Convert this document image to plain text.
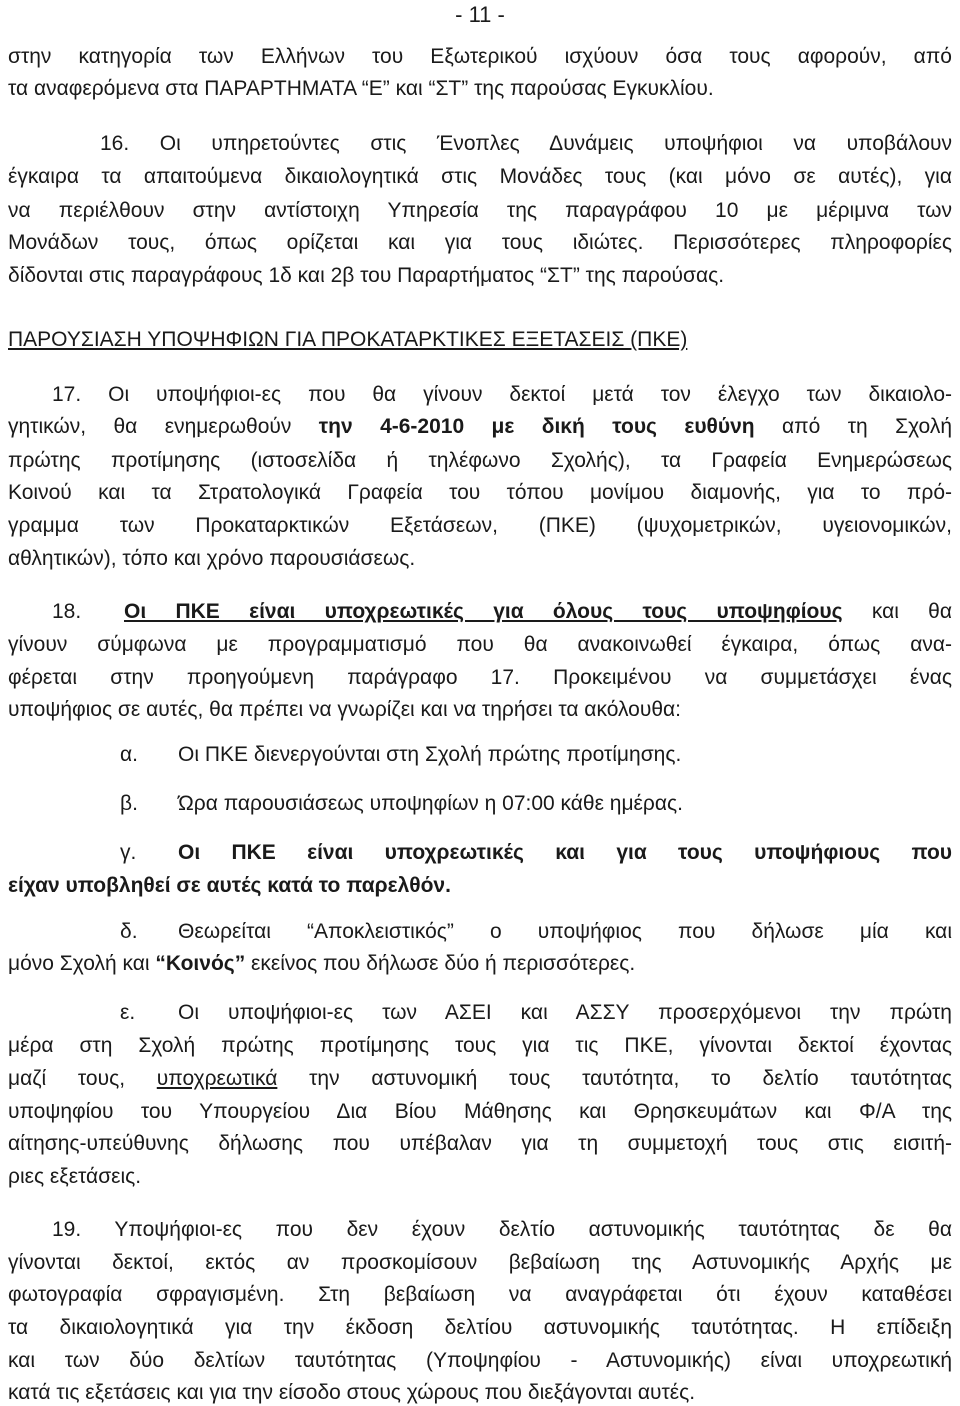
- 11 -
στην κατηγορία των Ελλήνων του Εξωτερικού ισχύουν όσα τους αφορούν, από
τα αναφερόμενα στα ΠΑΡΑΡΤΗΜΑΤΑ “Ε” και “ΣΤ” της παρούσας Εγκυκλίου.
16. Οι υπηρετούντες στις Ένοπλες Δυνάμεις υποψήφιοι να υποβάλουν
έγκαιρα τα απαιτούμενα δικαιολογητικά στις Μονάδες τους (και μόνο σε αυτές), για
να περιέλθουν στην αντίστοιχη Υπηρεσία της παραγράφου 10 με μέριμνα των
Μονάδων τους, όπως ορίζεται και για τους ιδιώτες. Περισσότερες πληροφορίες
δίδονται στις παραγράφους 1δ και 2β του Παραρτήματος “ΣΤ” της παρούσας.
ΠΑΡΟΥΣΙΑΣΗ ΥΠΟΨΗΦΙΩΝ ΓΙΑ ΠΡΟΚΑΤΑΡΚΤΙΚΕΣ ΕΞΕΤΑΣΕΙΣ (ΠΚΕ)
17. Οι υποψήφιοι-ες που θα γίνουν δεκτοί μετά τον έλεγχο των δικαιολο-
γητικών, θα ενημερωθούν την 4-6-2010 με δική τους ευθύνη από τη Σχολή
πρώτης προτίμησης (ιστοσελίδα ή τηλέφωνο Σχολής), τα Γραφεία Ενημερώσεως
Κοινού και τα Στρατολογικά Γραφεία του τόπου μονίμου διαμονής, για το πρό-
γραμμα των Προκαταρκτικών Εξετάσεων, (ΠΚΕ) (ψυχομετρικών, υγειονομικών,
αθλητικών), τόπο και χρόνο παρουσιάσεως.
18.	Οι ΠΚΕ είναι υποχρεωτικές για όλους τους υποψηφίους και θα
γίνουν σύμφωνα με προγραμματισμό που θα ανακοινωθεί έγκαιρα, όπως ανα-
φέρεται στην προηγούμενη παράγραφο 17. Προκειμένου να συμμετάσχει ένας
υποψήφιος σε αυτές, θα πρέπει να γνωρίζει και να τηρήσει τα ακόλουθα:
α.	Οι ΠΚΕ διενεργούνται στη Σχολή πρώτης προτίμησης.
β.	Ώρα παρουσιάσεως υποψηφίων η 07:00 κάθε ημέρας.
γ.	Οι ΠΚΕ είναι υποχρεωτικές και για τους υποψήφιους που
είχαν υποβληθεί σε αυτές κατά το παρελθόν.
δ.	Θεωρείται “Αποκλειστικός” ο υποψήφιος που δήλωσε μία και
μόνο Σχολή και “Κοινός” εκείνος που δήλωσε δύο ή περισσότερες.
ε.	Οι υποψήφιοι-ες των ΑΣΕΙ και ΑΣΣΥ προσερχόμενοι την πρώτη
μέρα στη Σχολή πρώτης προτίμησης τους για τις ΠΚΕ, γίνονται δεκτοί έχοντας
μαζί τους, υποχρεωτικά την αστυνομική τους ταυτότητα, το δελτίο ταυτότητας
υποψηφίου του Υπουργείου Δια Βίου Μάθησης και Θρησκευμάτων και Φ/Α της
αίτησης-υπεύθυνης δήλωσης που υπέβαλαν για τη συμμετοχή τους στις εισιτή-
ριες εξετάσεις.
19. Υποψήφιοι-ες που δεν έχουν δελτίο αστυνομικής ταυτότητας δε θα
γίνονται δεκτοί, εκτός αν προσκομίσουν βεβαίωση της Αστυνομικής Αρχής με
φωτογραφία σφραγισμένη. Στη βεβαίωση να αναγράφεται ότι έχουν καταθέσει
τα δικαιολογητικά για την έκδοση δελτίου αστυνομικής ταυτότητας. Η επίδειξη
και των δύο δελτίων ταυτότητας (Υποψηφίου - Αστυνομικής) είναι υποχρεωτική
κατά τις εξετάσεις και για την είσοδο στους χώρους που διεξάγονται αυτές.
